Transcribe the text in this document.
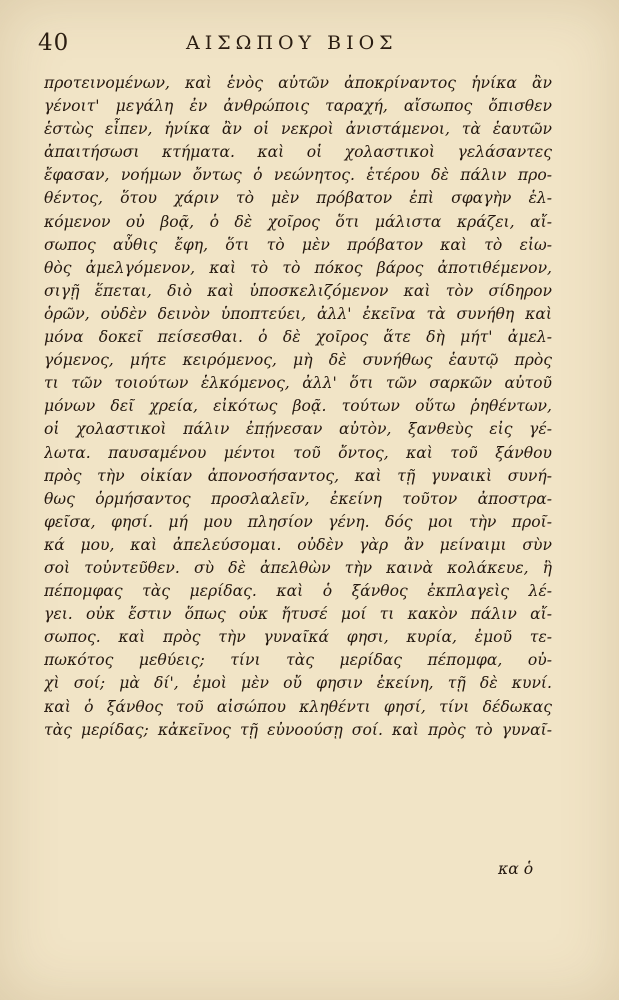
40	ΑΙΣΩΠΟΥ ΒΙΟΣ
προτεινομένων, καὶ ἑνὸς αὐτῶν ἀποκρίναντος ἡνίκα ἂν
γένοιτ' μεγάλη ἐν ἀνθρώποις ταραχή, αἴσωπος ὄπισθεν
ἑστὼς εἶπεν, ἡνίκα ἂν οἱ νεκροὶ ἀνιστάμενοι, τὰ ἑαυτῶν
ἀπαιτήσωσι κτήματα. καὶ οἱ χολαστικοὶ γελάσαντες
ἔφασαν, νοήμων ὄντως ὁ νεώνητος. ἑτέρου δὲ πάλιν προ-
θέντος, ὅτου χάριν τὸ μὲν πρόβατον ἐπὶ σφαγὴν ἑλ-
κόμενον οὐ βοᾷ, ὁ δὲ χοῖρος ὅτι μάλιστα κράζει, αἴ-
σωπος αὖθις ἔφη, ὅτι τὸ μὲν πρόβατον καὶ τὸ εἰω-
θὸς ἀμελγόμενον, καὶ τὸ τὸ πόκος βάρος ἀποτιθέμενον,
σιγῇ ἕπεται, διὸ καὶ ὑποσκελιζόμενον καὶ τὸν σίδηρον
ὁρῶν, οὐδὲν δεινὸν ὑποπτεύει, ἀλλ' ἐκεῖνα τὰ συνήθη καὶ
μόνα δοκεῖ πείσεσθαι. ὁ δὲ χοῖρος ἅτε δὴ μήτ' ἀμελ-
γόμενος, μήτε κειρόμενος, μὴ δὲ συνήθως ἑαυτῷ πρὸς
τι τῶν τοιούτων ἑλκόμενος, ἀλλ' ὅτι τῶν σαρκῶν αὐτοῦ
μόνων δεῖ χρεία, εἰκότως βοᾷ. τούτων οὕτω ῥηθέντων,
οἱ χολαστικοὶ πάλιν ἐπῄνεσαν αὐτὸν, ξανθεὺς εἰς γέ-
λωτα. παυσαμένου μέντοι τοῦ ὄντος, καὶ τοῦ ξάνθου
πρὸς τὴν οἰκίαν ἀπονοσήσαντος, καὶ τῇ γυναικὶ συνή-
θως ὁρμήσαντος προσλαλεῖν, ἐκείνη τοῦτον ἀποστρα-
φεῖσα, φησί. μή μου πλησίον γένη. δός μοι τὴν προῖ-
κά μου, καὶ ἀπελεύσομαι. οὐδὲν γὰρ ἂν μείναιμι σὺν
σοὶ τοὐντεῦθεν. σὺ δὲ ἀπελθὼν τὴν καινὰ κολάκευε, ἣ
πέπομφας τὰς μερίδας. καὶ ὁ ξάνθος ἐκπλαγεὶς λέ-
γει. οὐκ ἔστιν ὅπως οὐκ ἤτυσέ μοί τι κακὸν πάλιν αἴ-
σωπος. καὶ πρὸς τὴν γυναῖκά φησι, κυρία, ἐμοῦ τε-
πωκότος μεθύεις; τίνι τὰς μερίδας πέπομφα, οὐ-
χὶ σοί; μὰ δί', ἐμοὶ μὲν οὔ φησιν ἐκείνη, τῇ δὲ κυνί.
καὶ ὁ ξάνθος τοῦ αἰσώπου κληθέντι φησί, τίνι δέδωκας
τὰς μερίδας; κἀκεῖνος τῇ εὐνοούσῃ σοί. καὶ πρὸς τὸ γυναῖ-
κα ὁ
